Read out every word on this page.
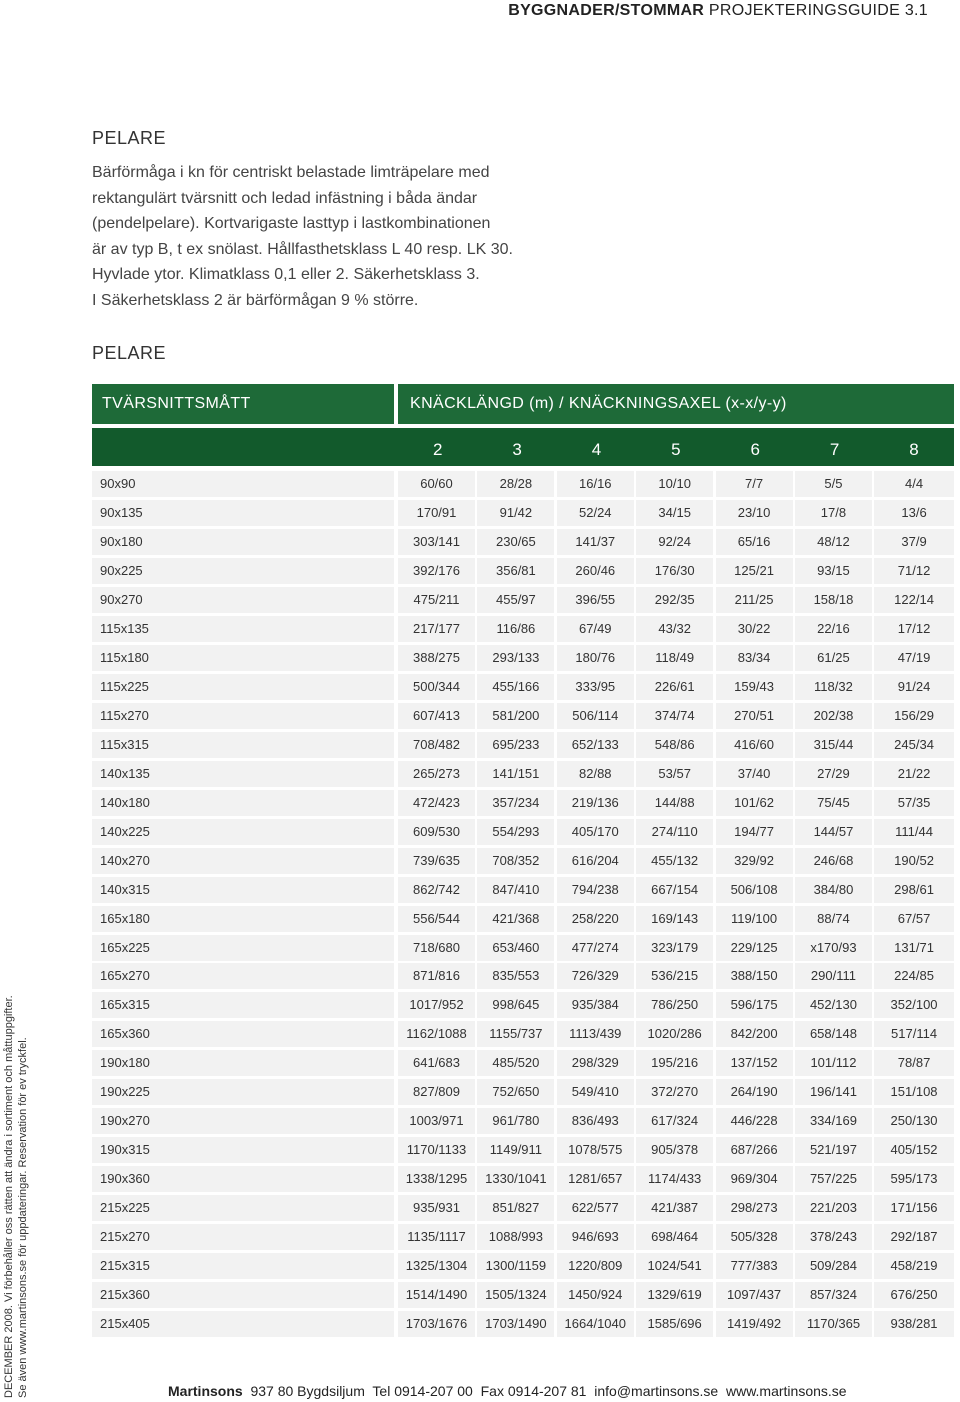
BYGGNADER/STOMMAR PROJEKTERINGSGUIDE 3.1
PELARE

Bärförmåga i kn för centriskt belastade limträpelare med

rektangulärt tvärsnitt och ledad infästning i båda ändar

(pendelpelare). Kortvarigaste lasttyp i lastkombinationen

är av typ B, t ex snölast. Hållfasthetsklass L 40 resp. LK 30.

Hyvlade ytor. Klimatklass 0,1 eller 2. Säkerhetsklass 3.

I Säkerhetsklass 2 är bärförmågan 9 % större.

PELARE
TVÄRSNITTSMÅTT	KNÄCKLÄNGD (m) / KNÄCKNINGSAXEL (x-x/y-y)
2	3	4	5	6	7	8
90x90	60/60	28/28	16/16	10/10	7/7	5/5	4/4
90x135	170/91	91/42	52/24	34/15	23/10	17/8	13/6
90x180	303/141	230/65	141/37	92/24	65/16	48/12	37/9
90x225	392/176	356/81	260/46	176/30	125/21	93/15	71/12
90x270	475/211	455/97	396/55	292/35	211/25	158/18	122/14
115x135	217/177	116/86	67/49	43/32	30/22	22/16	17/12
115x180	388/275	293/133	180/76	118/49	83/34	61/25	47/19
115x225	500/344	455/166	333/95	226/61	159/43	118/32	91/24
115x270	607/413	581/200	506/114	374/74	270/51	202/38	156/29
115x315	708/482	695/233	652/133	548/86	416/60	315/44	245/34
140x135	265/273	141/151	82/88	53/57	37/40	27/29	21/22
140x180	472/423	357/234	219/136	144/88	101/62	75/45	57/35
140x225	609/530	554/293	405/170	274/110	194/77	144/57	111/44
140x270	739/635	708/352	616/204	455/132	329/92	246/68	190/52
140x315	862/742	847/410	794/238	667/154	506/108	384/80	298/61
165x180	556/544	421/368	258/220	169/143	119/100	88/74	67/57
165x225	718/680	653/460	477/274	323/179	229/125	x170/93	131/71
165x270	871/816	835/553	726/329	536/215	388/150	290/111	224/85
165x315	1017/952	998/645	935/384	786/250	596/175	452/130	352/100
165x360	1162/1088	1155/737	1113/439	1020/286	842/200	658/148	517/114
190x180	641/683	485/520	298/329	195/216	137/152	101/112	78/87
190x225	827/809	752/650	549/410	372/270	264/190	196/141	151/108
190x270	1003/971	961/780	836/493	617/324	446/228	334/169	250/130
190x315	1170/1133	1149/911	1078/575	905/378	687/266	521/197	405/152
190x360	1338/1295	1330/1041	1281/657	1174/433	969/304	757/225	595/173
215x225	935/931	851/827	622/577	421/387	298/273	221/203	171/156
215x270	1135/1117	1088/993	946/693	698/464	505/328	378/243	292/187
215x315	1325/1304	1300/1159	1220/809	1024/541	777/383	509/284	458/219
215x360	1514/1490	1505/1324	1450/924	1329/619	1097/437	857/324	676/250
215x405	1703/1676	1703/1490	1664/1040	1585/696	1419/492	1170/365	938/281
DECEMBER 2008. Vi förbehåller oss rätten att ändra i sortiment och måttuppgifter. Se även www.martinsons.se för uppdateringar. Reservation för ev tryckfel.	Martinsons 937 80 Bygdsiljum Tel 0914-207 00 Fax 0914-207 81 info@martinsons.se www.martinsons.se
